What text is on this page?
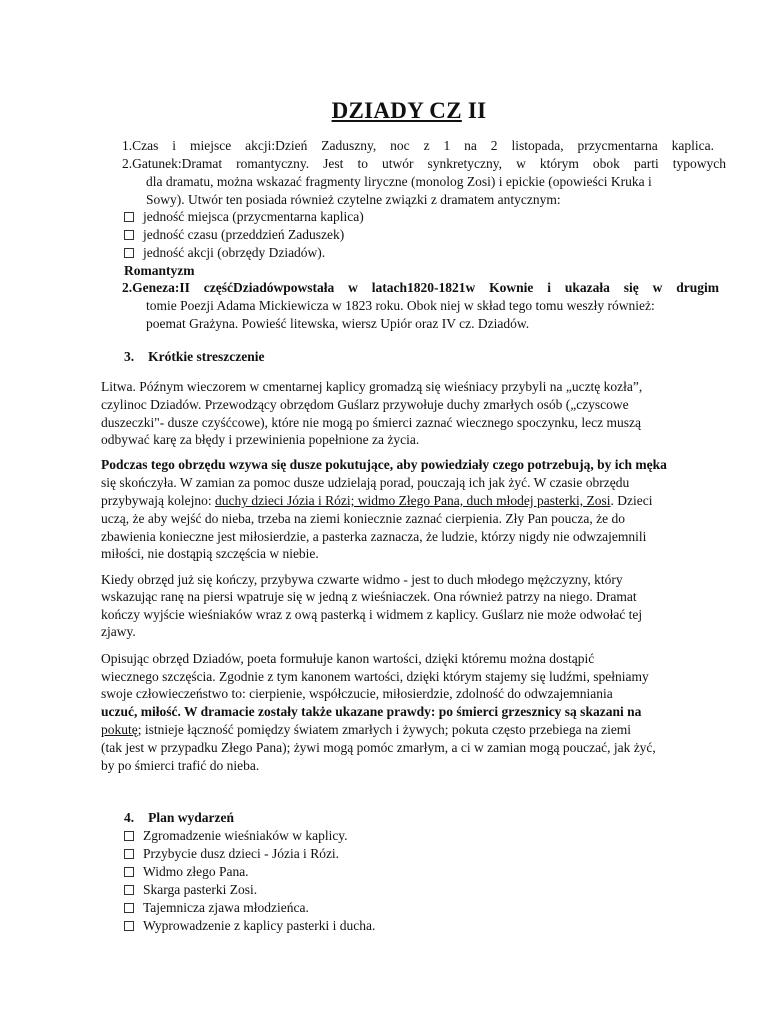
DZIADY CZ II
1.Czas i miejsce akcji:Dzień Zaduszny, noc z 1 na 2 listopada, przycmentarna kaplica.
2.Gatunek:Dramat romantyczny. Jest to utwór synkretyczny, w którym obok parti typowych
dla dramatu, można wskazać fragmenty liryczne (monolog Zosi) i epickie (opowieści Kruka i
Sowy). Utwór ten posiada również czytelne związki z dramatem antycznym:
jedność miejsca (przycmentarna kaplica)
jedność czasu (przeddzień Zaduszek)
jedność akcji (obrzędy Dziadów).
Romantyzm
2.Geneza:II częśćDziadówpowstała w latach1820-1821w Kownie i ukazała się w drugim
tomie Poezji Adama Mickiewicza w 1823 roku. Obok niej w skład tego tomu weszły również:
poemat Grażyna. Powieść litewska, wiersz Upiór oraz IV cz. Dziadów.
3. Krótkie streszczenie
Litwa. Późnym wieczorem w cmentarnej kaplicy gromadzą się wieśniacy przybyli na „ucztę kozła”,
czylinoc Dziadów. Przewodzący obrzędom Guślarz przywołuje duchy zmarłych osób („czyscowe
duszeczki"- dusze czyśćcowe), które nie mogą po śmierci zaznać wiecznego spoczynku, lecz muszą
odbywać karę za błędy i przewinienia popełnione za życia.
Podczas tego obrzędu wzywa się dusze pokutujące, aby powiedziały czego potrzebują, by ich męka
się skończyła. W zamian za pomoc dusze udzielają porad, pouczają ich jak żyć. W czasie obrzędu
przybywają kolejno: duchy dzieci Józia i Rózi; widmo Złego Pana, duch młodej pasterki, Zosi. Dzieci
uczą, że aby wejść do nieba, trzeba na ziemi koniecznie zaznać cierpienia. Zły Pan poucza, że do
zbawienia konieczne jest miłosierdzie, a pasterka zaznacza, że ludzie, którzy nigdy nie odwzajemnili
miłości, nie dostąpią szczęścia w niebie.
Kiedy obrzęd już się kończy, przybywa czwarte widmo - jest to duch młodego mężczyzny, który
wskazując ranę na piersi wpatruje się w jedną z wieśniaczek. Ona również patrzy na niego. Dramat
kończy wyjście wieśniaków wraz z ową pasterką i widmem z kaplicy. Guślarz nie może odwołać tej
zjawy.
Opisując obrzęd Dziadów, poeta formułuje kanon wartości, dzięki któremu można dostąpić
wiecznego szczęścia. Zgodnie z tym kanonem wartości, dzięki którym stajemy się ludźmi, spełniamy
swoje człowieczeństwo to: cierpienie, współczucie, miłosierdzie, zdolność do odwzajemniania
uczuć, miłość. W dramacie zostały także ukazane prawdy: po śmierci grzesznicy są skazani na
pokutę; istnieje łączność pomiędzy światem zmarłych i żywych; pokuta często przebiega na ziemi
(tak jest w przypadku Złego Pana); żywi mogą pomóc zmarłym, a ci w zamian mogą pouczać, jak żyć,
by po śmierci trafić do nieba.
4. Plan wydarzeń
Zgromadzenie wieśniaków w kaplicy.
Przybycie dusz dzieci - Józia i Rózi.
Widmo złego Pana.
Skarga pasterki Zosi.
Tajemnicza zjawa młodzieńca.
Wyprowadzenie z kaplicy pasterki i ducha.
